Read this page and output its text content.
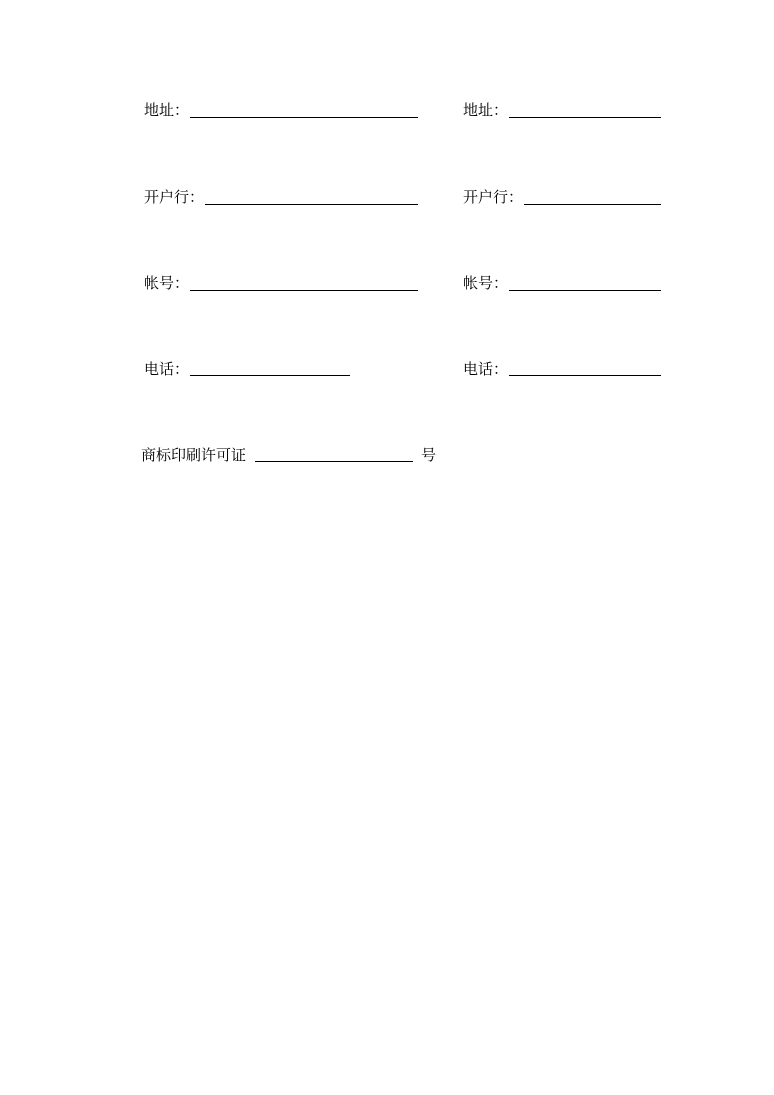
地址：
开户行：
帐号：
电话：
地址：
开户行：
帐号：
电话：
商标印刷许可证	号
